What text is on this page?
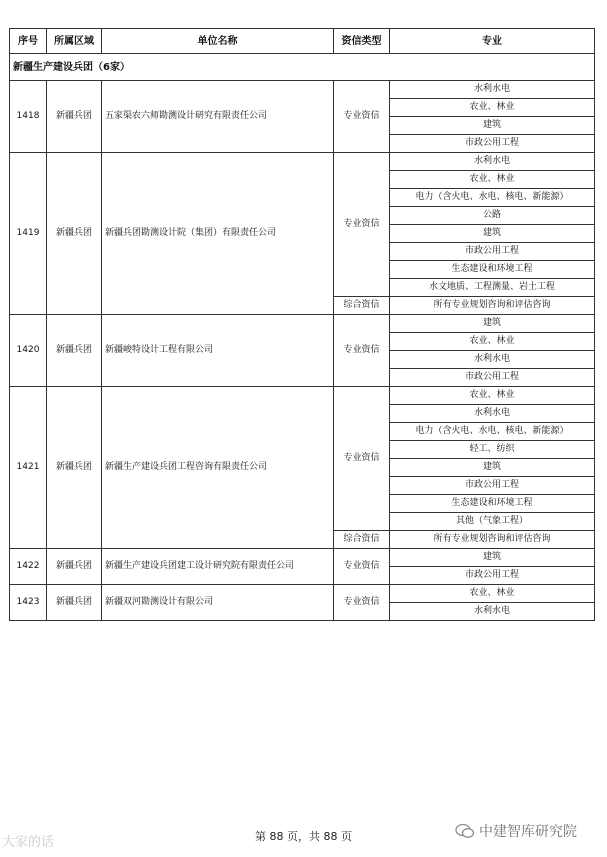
序号	所属区域	单位名称	资信类型	专业
新疆生产建设兵团（6家）				
1418	新疆兵团	五家渠农六师勘测设计研究有限责任公司	专业资信	水利水电
				农业、林业
				建筑
				市政公用工程
1419	新疆兵团	新疆兵团勘测设计院（集团）有限责任公司	专业资信	水利水电
				农业、林业
				电力（含火电、水电、核电、新能源）
				公路
				建筑
				市政公用工程
				生态建设和环境工程
				水文地质、工程测量、岩土工程
			综合资信	所有专业规划咨询和评估咨询
1420	新疆兵团	新疆峻特设计工程有限公司	专业资信	建筑
				农业、林业
				水利水电
				市政公用工程
1421	新疆兵团	新疆生产建设兵团工程咨询有限责任公司	专业资信	农业、林业
				水利水电
				电力（含火电、水电、核电、新能源）
				轻工、纺织
				建筑
				市政公用工程
				生态建设和环境工程
				其他（气象工程）
			综合资信	所有专业规划咨询和评估咨询
1422	新疆兵团	新疆生产建设兵团建工设计研究院有限责任公司	专业资信	建筑
				市政公用工程
1423	新疆兵团	新疆双河勘测设计有限公司	专业资信	农业、林业
				水利水电
第 88 页，共 88 页
大家的话
中建智库研究院
